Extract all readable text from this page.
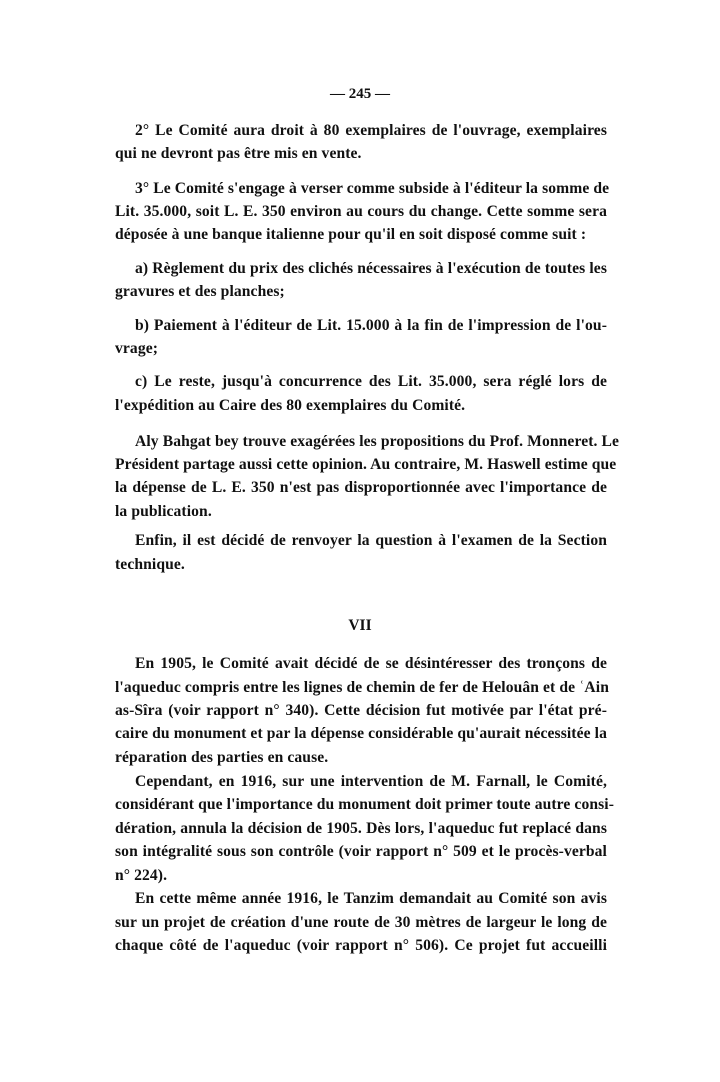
— 245 —
2° Le Comité aura droit à 80 exemplaires de l'ouvrage, exemplaires
qui ne devront pas être mis en vente.
3° Le Comité s'engage à verser comme subside à l'éditeur la somme de
Lit. 35.000, soit L. E. 350 environ au cours du change. Cette somme sera
déposée à une banque italienne pour qu'il en soit disposé comme suit :
a) Règlement du prix des clichés nécessaires à l'exécution de toutes les
gravures et des planches;
b) Paiement à l'éditeur de Lit. 15.000 à la fin de l'impression de l'ou-
vrage;
c) Le reste, jusqu'à concurrence des Lit. 35.000, sera réglé lors de
l'expédition au Caire des 80 exemplaires du Comité.
Aly Bahgat bey trouve exagérées les propositions du Prof. Monneret. Le
Président partage aussi cette opinion. Au contraire, M. Haswell estime que
la dépense de L. E. 350 n'est pas disproportionnée avec l'importance de
la publication.
Enfin, il est décidé de renvoyer la question à l'examen de la Section
technique.
VII
En 1905, le Comité avait décidé de se désintéresser des tronçons de
l'aqueduc compris entre les lignes de chemin de fer de Helouân et de ʿAin
as-Sîra (voir rapport n° 340). Cette décision fut motivée par l'état pré-
caire du monument et par la dépense considérable qu'aurait nécessitée la
réparation des parties en cause.
Cependant, en 1916, sur une intervention de M. Farnall, le Comité,
considérant que l'importance du monument doit primer toute autre consi-
dération, annula la décision de 1905. Dès lors, l'aqueduc fut replacé dans
son intégralité sous son contrôle (voir rapport n° 509 et le procès-verbal
n° 224).
En cette même année 1916, le Tanzim demandait au Comité son avis
sur un projet de création d'une route de 30 mètres de largeur le long de
chaque côté de l'aqueduc (voir rapport n° 506). Ce projet fut accueilli
